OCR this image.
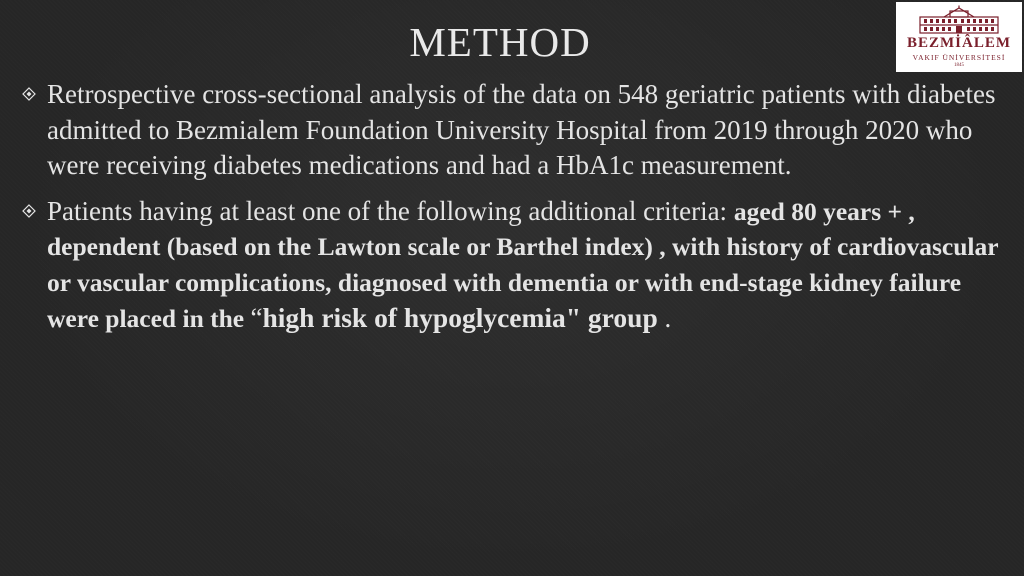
METHOD	BEZMİÂLEM
VAKIF ÜNİVERSİTESİ
1845
Retrospective cross-sectional analysis of the data on 548 geriatric patients with diabetes admitted to Bezmialem Foundation University Hospital from 2019 through 2020 who were receiving diabetes medications and had a HbA1c measurement.
Patients having at least one of the following additional criteria: aged 80 years + , dependent (based on the Lawton scale or Barthel index) , with history of cardiovascular or vascular complications, diagnosed with dementia or with end-stage kidney failure were placed in the “high risk of hypoglycemia" group .
